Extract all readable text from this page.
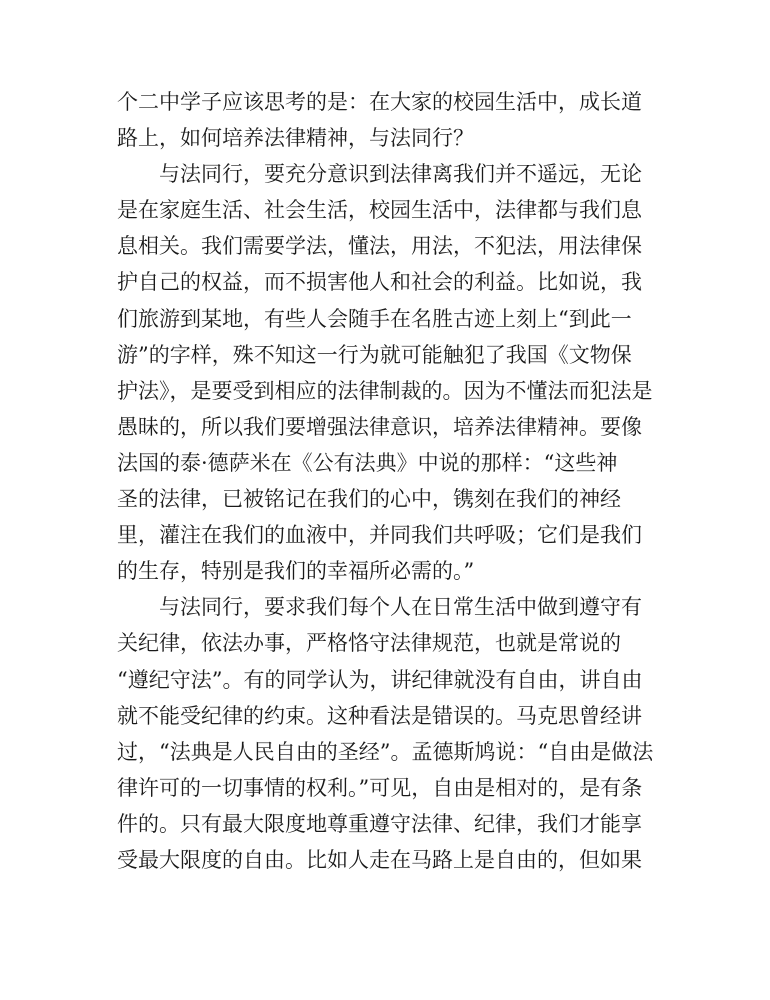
个二中学子应该思考的是：在大家的校园生活中，成长道
路上，如何培养法律精神，与法同行？
与法同行，要充分意识到法律离我们并不遥远，无论
是在家庭生活、社会生活，校园生活中，法律都与我们息
息相关。我们需要学法，懂法，用法，不犯法，用法律保
护自己的权益，而不损害他人和社会的利益。比如说，我
们旅游到某地，有些人会随手在名胜古迹上刻上“到此一
游”的字样，殊不知这一行为就可能触犯了我国《文物保
护法》，是要受到相应的法律制裁的。因为不懂法而犯法是
愚昧的，所以我们要增强法律意识，培养法律精神。要像
法国的泰·德萨米在《公有法典》中说的那样：“这些神
圣的法律，已被铭记在我们的心中，镌刻在我们的神经
里，灌注在我们的血液中，并同我们共呼吸；它们是我们
的生存，特别是我们的幸福所必需的。”
与法同行，要求我们每个人在日常生活中做到遵守有
关纪律，依法办事，严格恪守法律规范，也就是常说的
“遵纪守法”。有的同学认为，讲纪律就没有自由，讲自由
就不能受纪律的约束。这种看法是错误的。马克思曾经讲
过，“法典是人民自由的圣经”。孟德斯鸠说：“自由是做法
律许可的一切事情的权利。”可见，自由是相对的，是有条
件的。只有最大限度地尊重遵守法律、纪律，我们才能享
受最大限度的自由。比如人走在马路上是自由的，但如果
